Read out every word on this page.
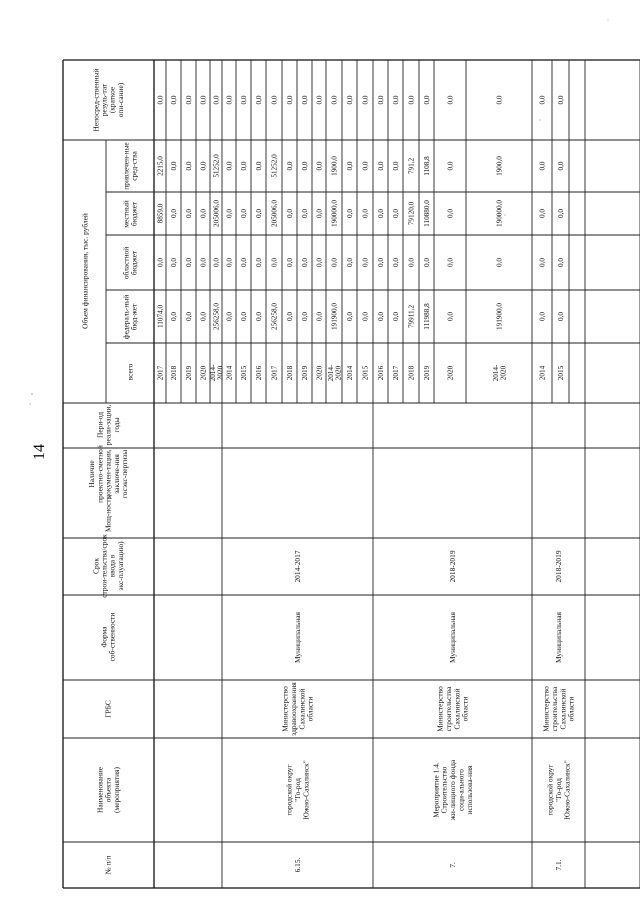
14
№ п/п
Наименованиеобъекта(мероприятия)
ГРБС
Формасоб-ственности
Срокстрои-тельства/срокввода вэкс-плуатацию)
Мощ-ность
Наличиепроектно-сметнойдокумен-тации,заключе-ниягосэкс-пертизы
Пери-одреали-зации,годы
всего
федераль-ныйбюд-жет
областнойбюджет
местныйбюджет
привлечен-ныесред-ства
Непосред-ственныйрезуль-тат(краткоеопи-сание)
Объем финансирования, тыс. рублей
6.15.
городской округ"Го-родЮжно-Сахалинск"
МинистерствоздравоохраненияСахалинскойобласти
Муниципальная
2014-2017
7.
Мероприятие 1.4.Строительствожи-лищного фондасоци-альногоиспользова-ния
МинистерствостроительстваСахалинскойобласти
Муниципальная
2018-2019
7.1.
городской округ"Го-родЮжно-Сахалинск"
МинистерствостроительстваСахалинскойобласти
Муниципальная
2018-2019
2017
11074,0
0,0
8859,0
2215,0
0,0
2018
0,0
0,0
0,0
0,0
0,0
2019
0,0
0,0
0,0
0,0
0,0
2020
0,0
0,0
0,0
0,0
0,0
2014-2020
256258,0
0,0
205006,0
51252,0
0,0
2014
0,0
0,0
0,0
0,0
0,0
2015
0,0
0,0
0,0
0,0
0,0
2016
0,0
0,0
0,0
0,0
0,0
2017
256258,0
0,0
205006,0
51252,0
0,0
2018
0,0
0,0
0,0
0,0
0,0
2019
0,0
0,0
0,0
0,0
0,0
2020
0,0
0,0
0,0
0,0
0,0
2014-2020
191900,0
0,0
190000,0
1900,0
0,0
2014
0,0
0,0
0,0
0,0
0,0
2015
0,0
0,0
0,0
0,0
0,0
2016
0,0
0,0
0,0
0,0
0,0
2017
0,0
0,0
0,0
0,0
0,0
2018
79911,2
0,0
79120,0
791,2
0,0
2019
111988,8
0,0
110880,0
1108,8
0,0
2020
0,0
0,0
0,0
0,0
0,0
2014-2020
191900,0
0,0
190000,0
1900,0
0,0
2014
0,0
0,0
0,0
0,0
0,0
2015
0,0
0,0
0,0
0,0
0,0
